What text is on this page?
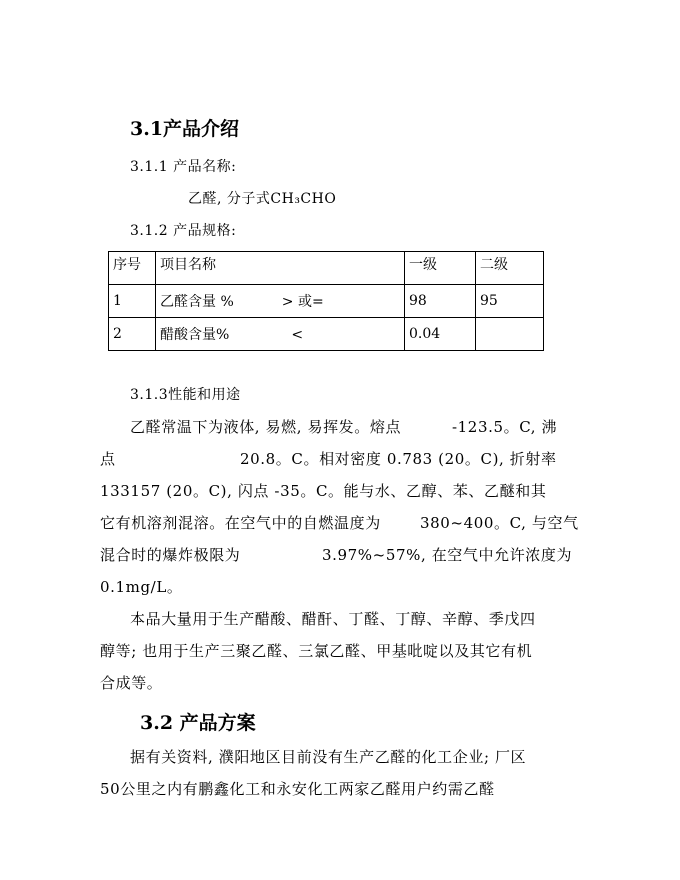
3.1产品介绍
3.1.1 产品名称:
乙醛, 分子式CH₃CHO
3.1.2 产品规格:
序号	项目名称	一级	二级
1	乙醛含量 % > 或=	98	95
2	醋酸含量% <	0.04	
3.1.3性能和用途
乙醛常温下为液体, 易燃, 易挥发。熔点	-123.5。C, 沸
点	20.8。C。相对密度 0.783 (20。C), 折射率
133157 (20。C), 闪点 -35。C。能与水、乙醇、苯、乙醚和其
它有机溶剂混溶。在空气中的自燃温度为	380~400。C, 与空气
混合时的爆炸极限为	3.97%~57%, 在空气中允许浓度为
0.1mg/L。
本品大量用于生产醋酸、醋酐、丁醛、丁醇、辛醇、季戊四
醇等; 也用于生产三聚乙醛、三氯乙醛、甲基吡啶以及其它有机
合成等。
3.2 产品方案
据有关资料, 濮阳地区目前没有生产乙醛的化工企业; 厂区
50公里之内有鹏鑫化工和永安化工两家乙醛用户约需乙醛
